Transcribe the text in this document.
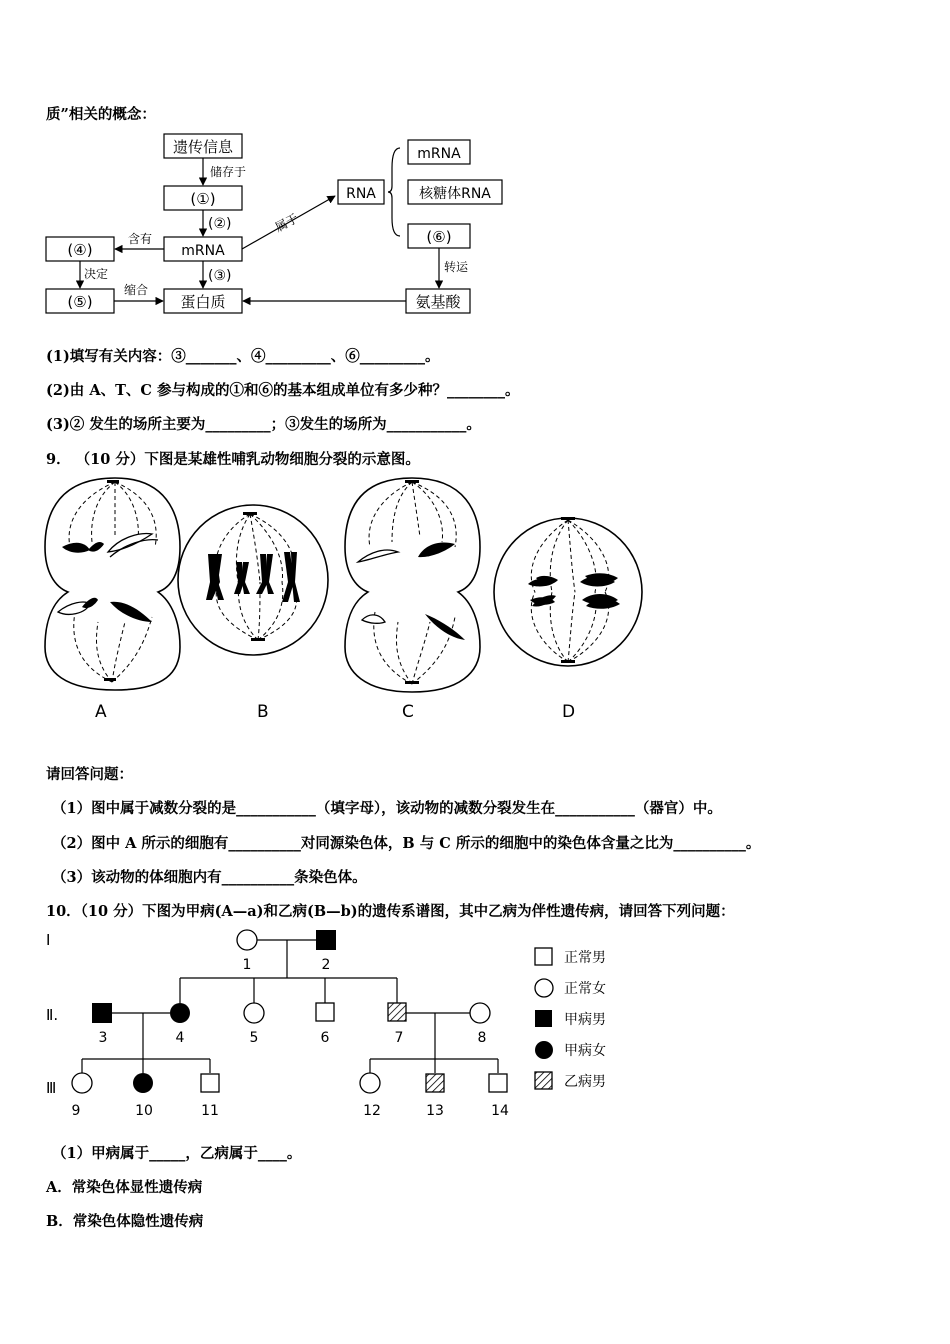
质”相关的概念：
遗传信息
储存于
(①)
(②)
mRNA
(③)
蛋白质
(④)
含有
决定
(⑤)
缩合
属于
RNA
mRNA
核糖体RNA
(⑥)
转运
氨基酸
(1)填写有关内容：③_______、④_________、⑥_________。
(2)由 A、T、C 参与构成的①和⑥的基本组成单位有多少种？________。
(3)② 发生的场所主要为_________；③发生的场所为___________。
9． （10 分）下图是某雄性哺乳动物细胞分裂的示意图。
A	B	C	D
请回答问题：
（1）图中属于减数分裂的是___________（填字母），该动物的减数分裂发生在___________（器官）中。
（2）图中 A 所示的细胞有__________对同源染色体，B 与 C 所示的细胞中的染色体含量之比为__________。
（3）该动物的体细胞内有__________条染色体。
10．（10 分）下图为甲病(A—a)和乙病(B—b)的遗传系谱图，其中乙病为伴性遗传病，请回答下列问题：
I
Ⅱ.
Ⅲ
1	2
3	4	5	6	7	8
9	10	11	12	13	14
正常男
正常女
甲病男
甲病女
乙病男
（1）甲病属于_____，乙病属于____。
A．常染色体显性遗传病
B．常染色体隐性遗传病
